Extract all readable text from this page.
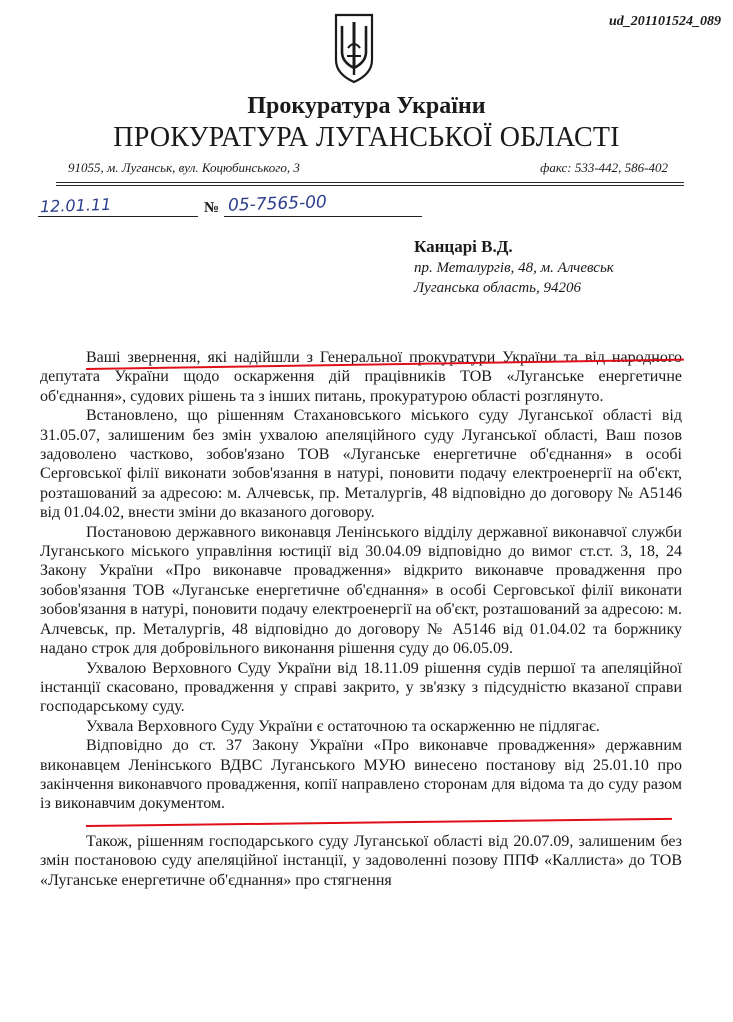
ud_201101524_089
Прокуратура України
ПРОКУРАТУРА ЛУГАНСЬКОЇ ОБЛАСТІ
91055, м. Луганськ, вул. Коцюбинського, 3	факс: 533-442, 586-402
12.01.11	№ 05-7565-00
Канцарі В.Д.
пр. Металургів, 48, м. Алчевськ
Луганська область, 94206

Ваші звернення, які надійшли з Генеральної прокуратури України та від народного депутата України щодо оскарження дій працівників ТОВ «Луганське енергетичне об'єднання», судових рішень та з інших питань, прокуратурою області розглянуто.

Встановлено, що рішенням Стахановського міського суду Луганської області від 31.05.07, залишеним без змін ухвалою апеляційного суду Луганської області, Ваш позов задоволено частково, зобов'язано ТОВ «Луганське енергетичне об'єднання» в особі Серговської філії виконати зобов'язання в натурі, поновити подачу електроенергії на об'єкт, розташований за адресою: м. Алчевськ, пр. Металургів, 48 відповідно до договору № А5146 від 01.04.02, внести зміни до вказаного договору.

Постановою державного виконавця Ленінського відділу державної виконавчої служби Луганського міського управління юстиції від 30.04.09 відповідно до вимог ст.ст. 3, 18, 24 Закону України «Про виконавче провадження» відкрито виконавче провадження про зобов'язання ТОВ «Луганське енергетичне об'єднання» в особі Серговської філії виконати зобов'язання в натурі, поновити подачу електроенергії на об'єкт, розташований за адресою: м. Алчевськ, пр. Металургів, 48 відповідно до договору № А5146 від 01.04.02 та боржнику надано строк для добровільного виконання рішення суду до 06.05.09.

Ухвалою Верховного Суду України від 18.11.09 рішення судів першої та апеляційної інстанції скасовано, провадження у справі закрито, у зв'язку з підсудністю вказаної справи господарському суду.

Ухвала Верховного Суду України є остаточною та оскарженню не підлягає.

Відповідно до ст. 37 Закону України «Про виконавче провадження» державним виконавцем Ленінського ВДВС Луганського МУЮ винесено постанову від 25.01.10 про закінчення виконавчого провадження, копії направлено сторонам для відома та до суду разом із виконавчим документом.

Також, рішенням господарського суду Луганської області від 20.07.09, залишеним без змін постановою суду апеляційної інстанції, у задоволенні позову ППФ «Каллиста» до ТОВ «Луганське енергетичне об'єднання» про стягнення
